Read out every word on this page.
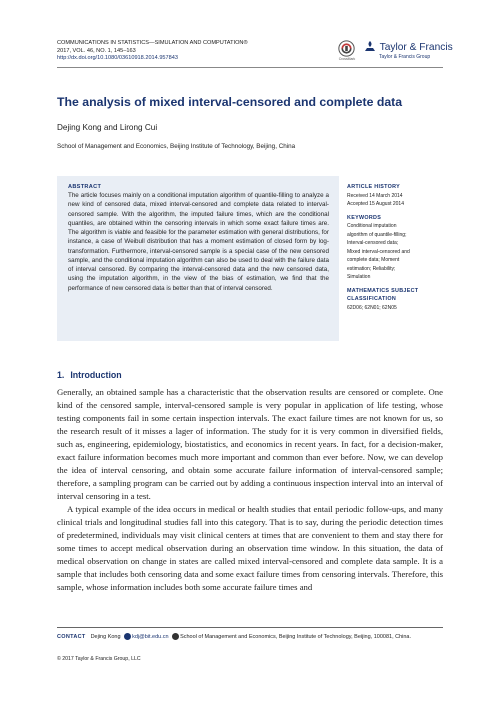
COMMUNICATIONS IN STATISTICS—SIMULATION AND COMPUTATION®
2017, VOL. 46, NO. 1, 145–163
http://dx.doi.org/10.1080/03610918.2014.957843	CrossMark
Taylor & Francis
Taylor & Francis Group
The analysis of mixed interval-censored and complete data
Dejing Kong and Lirong Cui
School of Management and Economics, Beijing Institute of Technology, Beijing, China
ABSTRACT
The article focuses mainly on a conditional imputation algorithm of quantile-filling to analyze a new kind of censored data, mixed interval-censored and complete data related to interval-censored sample. With the algorithm, the imputed failure times, which are the conditional quantiles, are obtained within the censoring intervals in which some exact failure times are. The algorithm is viable and feasible for the parameter estimation with general distributions, for instance, a case of Weibull distribution that has a moment estimation of closed form by log-transformation. Furthermore, interval-censored sample is a special case of the new censored sample, and the conditional imputation algorithm can also be used to deal with the failure data of interval censored. By comparing the interval-censored data and the new censored data, using the imputation algorithm, in the view of the bias of estimation, we find that the performance of new censored data is better than that of interval censored.
ARTICLE HISTORY
Received 14 March 2014
Accepted 15 August 2014
KEYWORDS
Conditional imputation
algorithm of quantile-filling;
Interval-censored data;
Mixed interval-censored and
complete data; Moment
estimation; Reliability;
Simulation
MATHEMATICS SUBJECT
CLASSIFICATION
62D06; 62N01; 62N05
1. Introduction

Generally, an obtained sample has a characteristic that the observation results are censored or complete. One kind of the censored sample, interval-censored sample is very popular in application of life testing, whose testing components fail in some certain inspection intervals. The exact failure times are not known for us, so the research result of it misses a lager of information. The study for it is very common in diversified fields, such as, engineering, epidemiology, biostatistics, and economics in recent years. In fact, for a decision-maker, exact failure information becomes much more important and common than ever before. Now, we can develop the idea of interval censoring, and obtain some accurate failure information of interval-censored sample; therefore, a sampling program can be carried out by adding a continuous inspection interval into an interval of interval censoring in a test.

A typical example of the idea occurs in medical or health studies that entail periodic follow-ups, and many clinical trials and longitudinal studies fall into this category. That is to say, during the periodic detection times of predetermined, individuals may visit clinical centers at times that are convenient to them and stay there for some times to accept medical observation during an observation time window. In this situation, the data of medical observation on change in states are called mixed interval-censored and complete data sample. It is a sample that includes both censoring data and some exact failure times from censoring intervals. Therefore, this sample, whose information includes both some accurate failure times and

CONTACT Dejing Kong kdj@bit.edu.cn School of Management and Economics, Beijing Institute of Technology, Beijing, 100081, China.
© 2017 Taylor & Francis Group, LLC
